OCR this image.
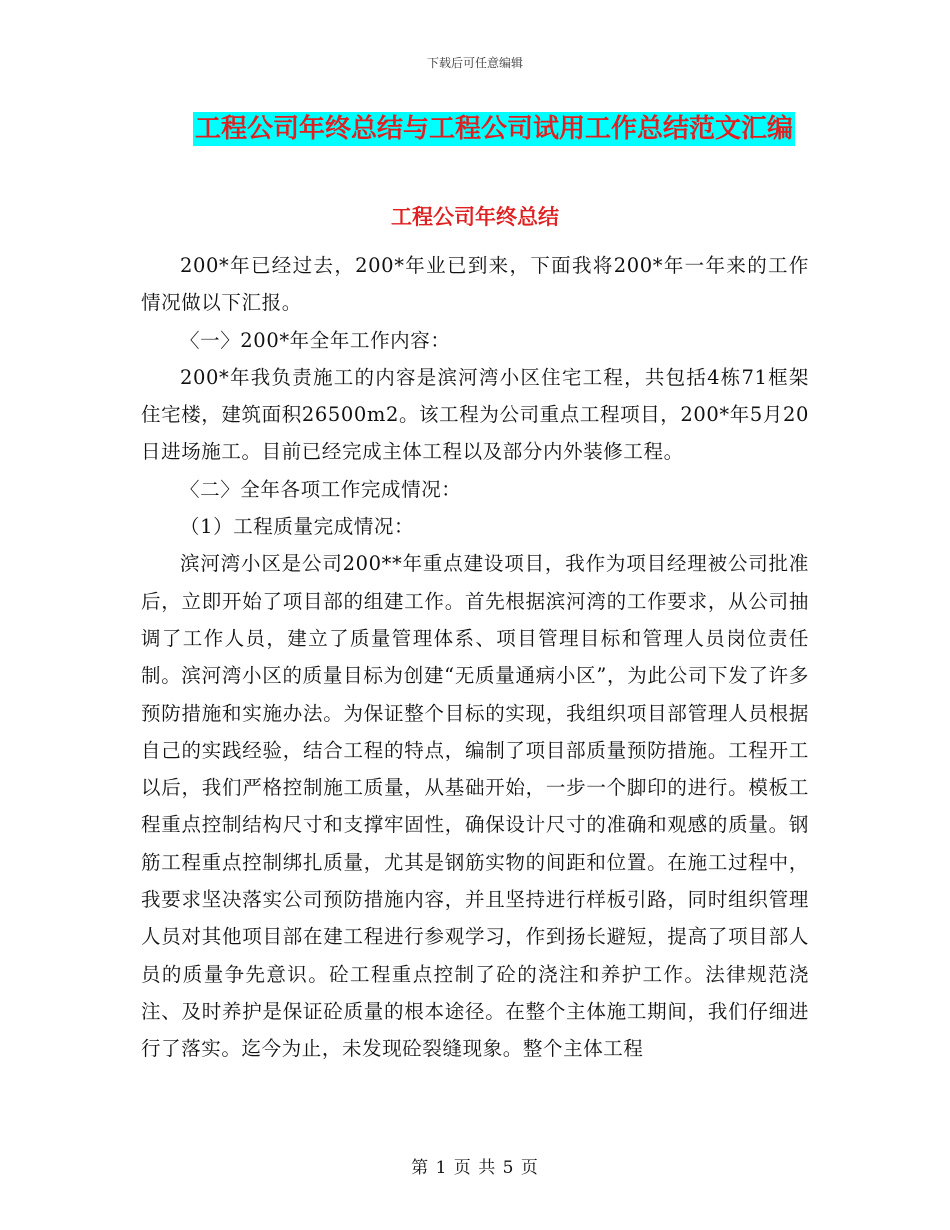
下载后可任意编辑
工程公司年终总结与工程公司试用工作总结范文汇编
工程公司年终总结

200*年已经过去，200*年业已到来，下面我将200*年一年来的工作情况做以下汇报。

〈一〉200*年全年工作内容：

200*年我负责施工的内容是滨河湾小区住宅工程，共包括4栋71框架住宅楼，建筑面积26500m2。该工程为公司重点工程项目，200*年5月20日进场施工。目前已经完成主体工程以及部分内外装修工程。

〈二〉全年各项工作完成情况：

（1）工程质量完成情况：

滨河湾小区是公司200**年重点建设项目，我作为项目经理被公司批准后，立即开始了项目部的组建工作。首先根据滨河湾的工作要求，从公司抽调了工作人员，建立了质量管理体系、项目管理目标和管理人员岗位责任制。滨河湾小区的质量目标为创建“无质量通病小区”，为此公司下发了许多预防措施和实施办法。为保证整个目标的实现，我组织项目部管理人员根据自己的实践经验，结合工程的特点，编制了项目部质量预防措施。工程开工以后，我们严格控制施工质量，从基础开始，一步一个脚印的进行。模板工程重点控制结构尺寸和支撑牢固性，确保设计尺寸的准确和观感的质量。钢筋工程重点控制绑扎质量，尤其是钢筋实物的间距和位置。在施工过程中，我要求坚决落实公司预防措施内容，并且坚持进行样板引路，同时组织管理人员对其他项目部在建工程进行参观学习，作到扬长避短，提高了项目部人员的质量争先意识。砼工程重点控制了砼的浇注和养护工作。法律规范浇注、及时养护是保证砼质量的根本途径。在整个主体施工期间，我们仔细进行了落实。迄今为止，未发现砼裂缝现象。整个主体工程

第 1 页 共 5 页
